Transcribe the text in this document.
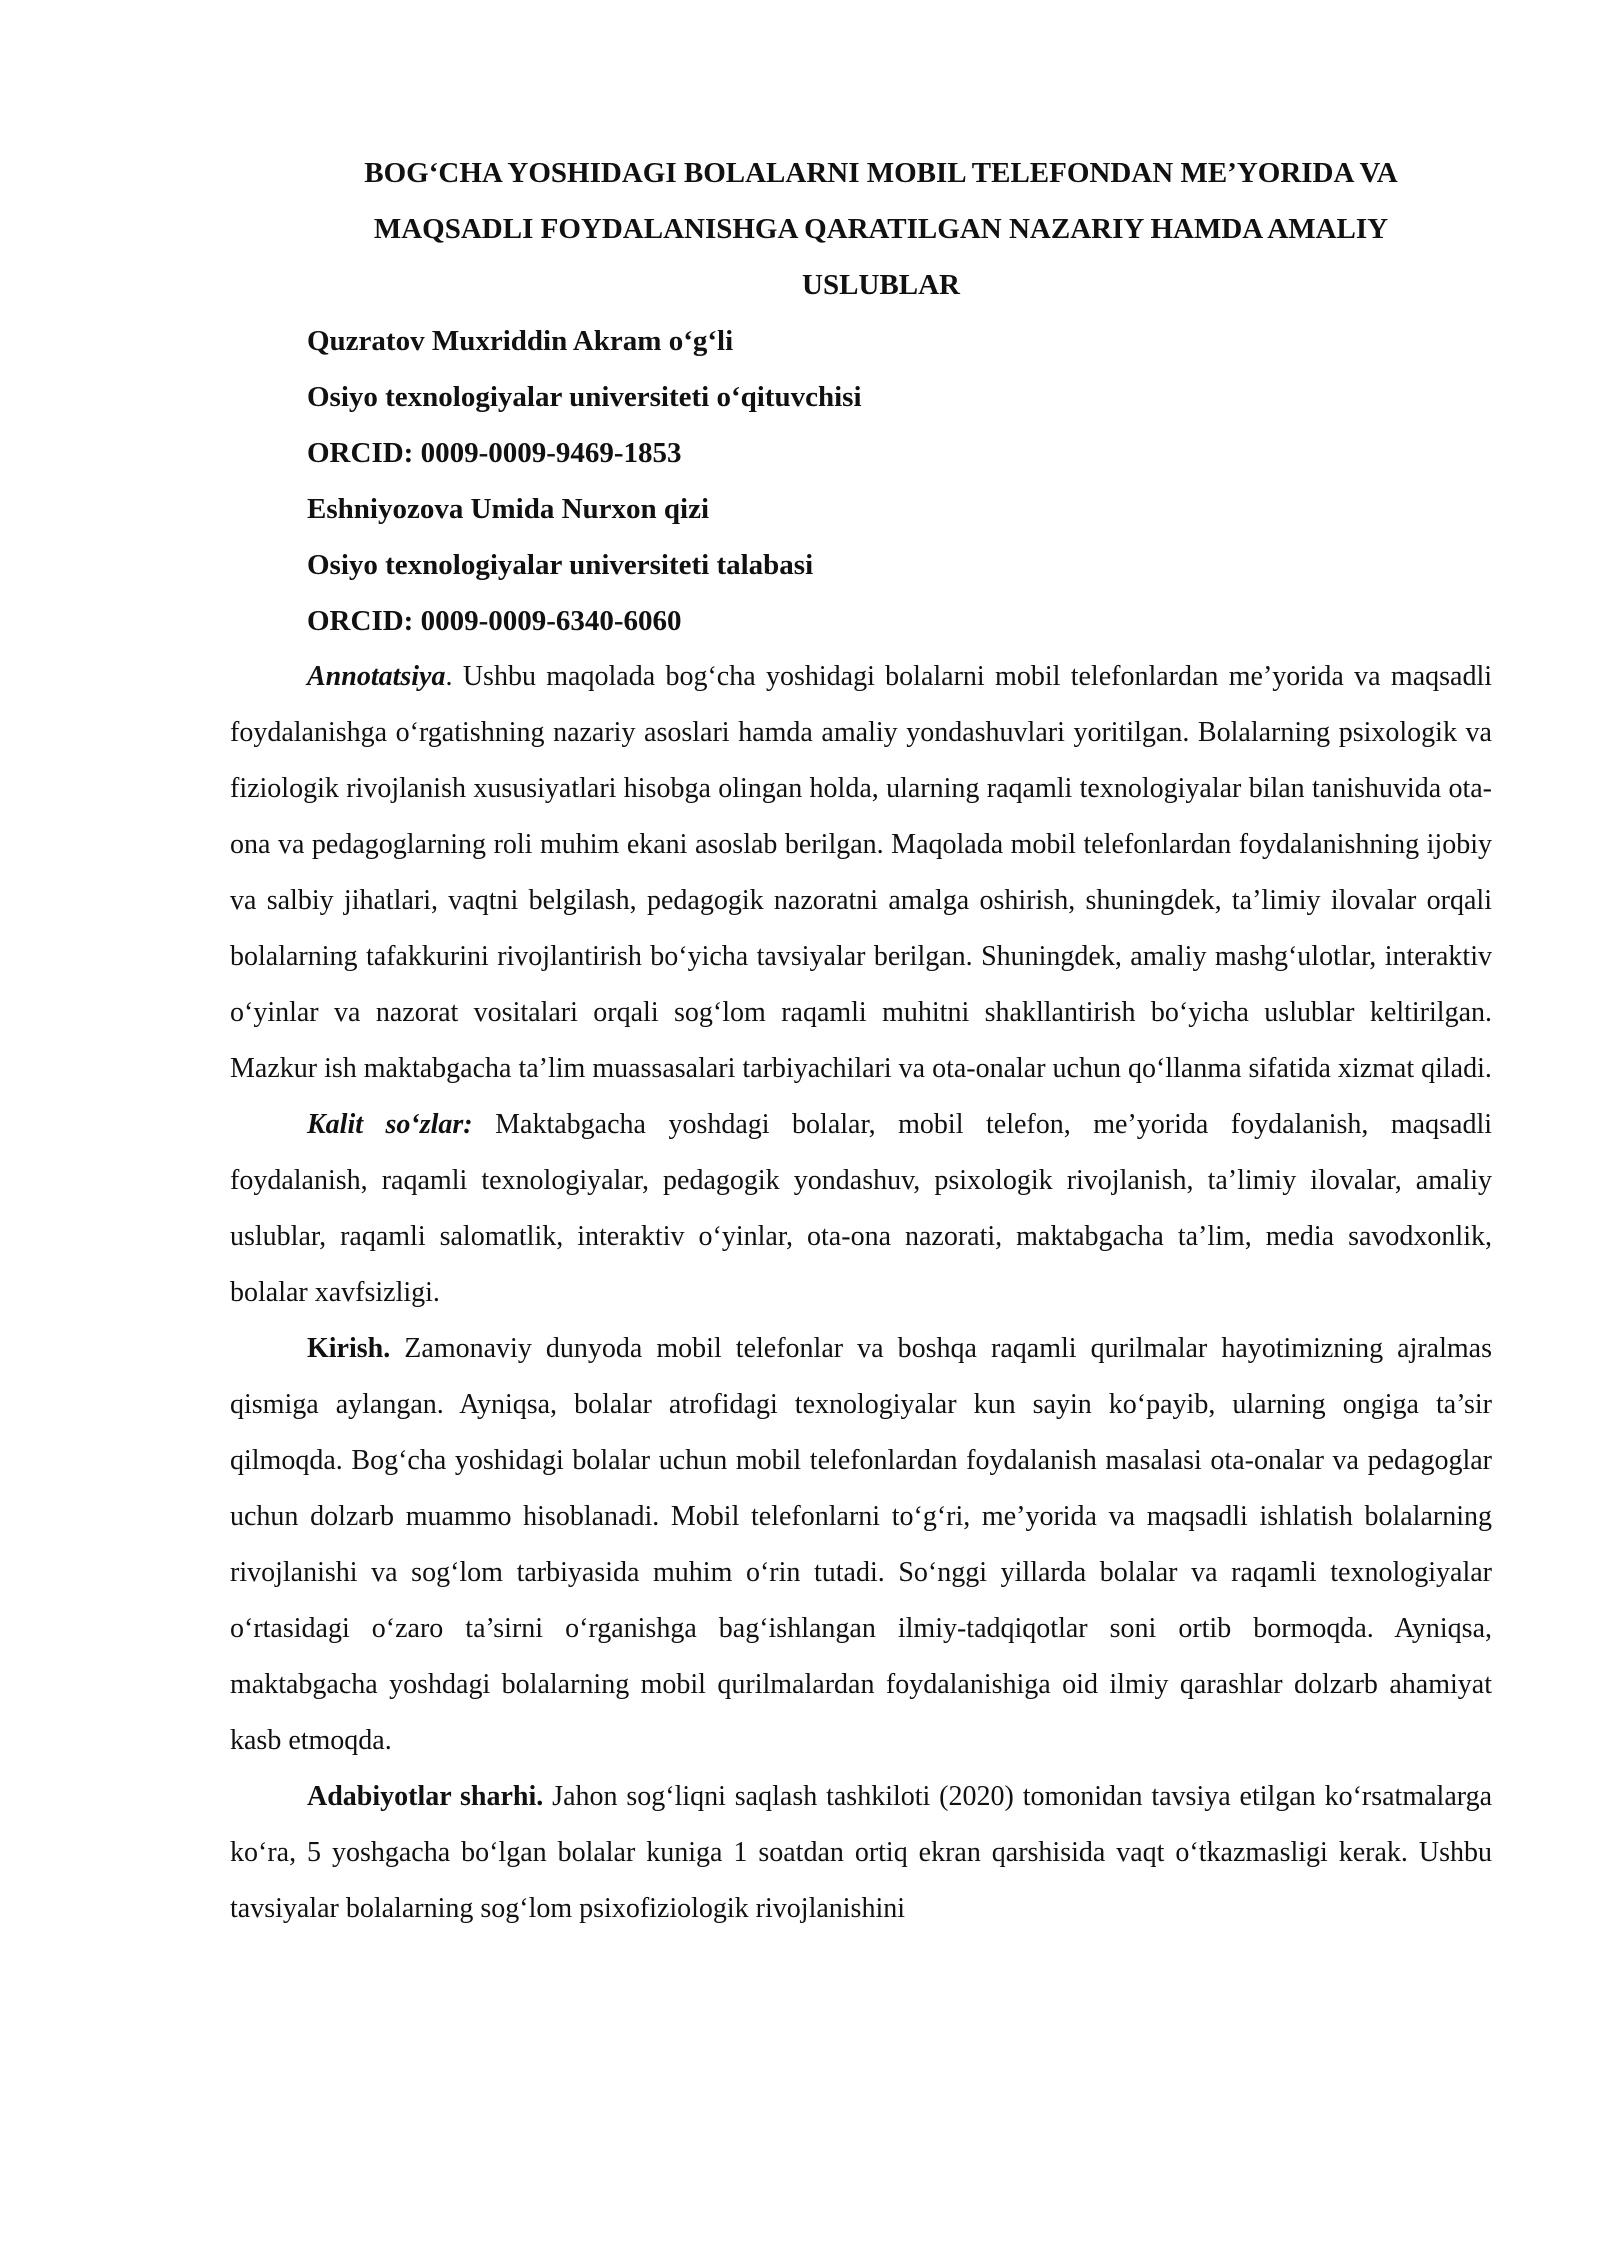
BOG‘CHA YOSHIDAGI BOLALARNI MOBIL TELEFONDAN ME’YORIDA VA
MAQSADLI FOYDALANISHGA QARATILGAN NAZARIY HAMDA AMALIY
USLUBLAR
Quzratov Muxriddin Akram o‘g‘li
Osiyo texnologiyalar universiteti o‘qituvchisi
ORCID: 0009-0009-9469-1853
Eshniyozova Umida Nurxon qizi
Osiyo texnologiyalar universiteti talabasi
ORCID: 0009-0009-6340-6060

Annotatsiya. Ushbu maqolada bog‘cha yoshidagi bolalarni mobil telefonlardan me’yorida va maqsadli foydalanishga o‘rgatishning nazariy asoslari hamda amaliy yondashuvlari yoritilgan. Bolalarning psixologik va fiziologik rivojlanish xususiyatlari hisobga olingan holda, ularning raqamli texnologiyalar bilan tanishuvida ota-ona va pedagoglarning roli muhim ekani asoslab berilgan. Maqolada mobil telefonlardan foydalanishning ijobiy va salbiy jihatlari, vaqtni belgilash, pedagogik nazoratni amalga oshirish, shuningdek, ta’limiy ilovalar orqali bolalarning tafakkurini rivojlantirish bo‘yicha tavsiyalar berilgan. Shuningdek, amaliy mashg‘ulotlar, interaktiv o‘yinlar va nazorat vositalari orqali sog‘lom raqamli muhitni shakllantirish bo‘yicha uslublar keltirilgan. Mazkur ish maktabgacha ta’lim muassasalari tarbiyachilari va ota-onalar uchun qo‘llanma sifatida xizmat qiladi.

Kalit so‘zlar: Maktabgacha yoshdagi bolalar, mobil telefon, me’yorida foydalanish, maqsadli foydalanish, raqamli texnologiyalar, pedagogik yondashuv, psixologik rivojlanish, ta’limiy ilovalar, amaliy uslublar, raqamli salomatlik, interaktiv o‘yinlar, ota-ona nazorati, maktabgacha ta’lim, media savodxonlik, bolalar xavfsizligi.

Kirish. Zamonaviy dunyoda mobil telefonlar va boshqa raqamli qurilmalar hayotimizning ajralmas qismiga aylangan. Ayniqsa, bolalar atrofidagi texnologiyalar kun sayin ko‘payib, ularning ongiga ta’sir qilmoqda. Bog‘cha yoshidagi bolalar uchun mobil telefonlardan foydalanish masalasi ota-onalar va pedagoglar uchun dolzarb muammo hisoblanadi. Mobil telefonlarni to‘g‘ri, me’yorida va maqsadli ishlatish bolalarning rivojlanishi va sog‘lom tarbiyasida muhim o‘rin tutadi. So‘nggi yillarda bolalar va raqamli texnologiyalar o‘rtasidagi o‘zaro ta’sirni o‘rganishga bag‘ishlangan ilmiy-tadqiqotlar soni ortib bormoqda. Ayniqsa, maktabgacha yoshdagi bolalarning mobil qurilmalardan foydalanishiga oid ilmiy qarashlar dolzarb ahamiyat kasb etmoqda.

Adabiyotlar sharhi. Jahon sog‘liqni saqlash tashkiloti (2020) tomonidan tavsiya etilgan ko‘rsatmalarga ko‘ra, 5 yoshgacha bo‘lgan bolalar kuniga 1 soatdan ortiq ekran qarshisida vaqt o‘tkazmasligi kerak. Ushbu tavsiyalar bolalarning sog‘lom psixofiziologik rivojlanishini
